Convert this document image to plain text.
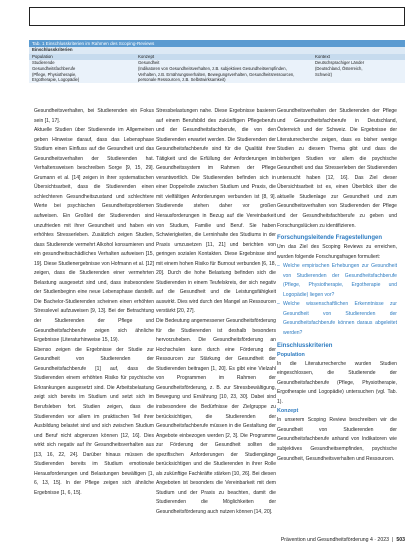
Tab. 1 Einschlusskriterien im Rahmen des Scoping-Reviews
Einschlusskriterien
Population	Konzept	Kontext
Studierende
Gesundheitsfachberufe
(Pflege, Physiotherapie,
Ergotherapie, Logopädie)
Gesundheit
(Indikatoren von Gesundheitsverhalten, z.B. subjektives Gesundheitsempfinden,
Verhalten, z.B. Ernährungsverhalten, Bewegungsverhalten, Gesundheitsressourcen,
personale Ressourcen, z.B. Selbstwirksamkeit)
Deutschsprachiger Länder
(Deutschland, Österreich,
Schweiz)
Gesundheitsverhalten, bei Studierenden ein Fokus sein [1, 17].
Aktuelle Studien über Studierende im Allgemeinen geben Hinweise darauf, dass das Lebensphase Studium einen Einfluss auf die Gesundheit und das Gesundheitsverhalten der Studierenden hat. Verhaltensweisen beschreiben Sorge [9, 15, 29]. Grumann et al. [14] zeigen in ihrer systematischen Übersichtsarbeit, dass die Studierenden einen schlechteren Gesundheitszustand und schlechtere Werte bei psychischen Gesundheitsproblemen aufweisen. Ein Großteil der Studierenden sind unzufrieden mit ihrer Gesundheit und haben ein erhöhtes Stresserleben. Zusätzlich zeigen Studien, dass Studierende vermehrt Alkohol konsumieren und ein gesundheitsschädliches Verhalten aufweisen [15, 19]. Diese Studienergebnisse von Hofmann et al. [12] zeigen, dass die Studierenden einer vermehrten Belastung ausgesetzt sind und, dass insbesondere der Studienbeginn eine neue Lebensphase darstellt. Die Bachelor-Studierenden scheinen einen erhöhten Stresslevel aufzuweisen [9, 13]. Bei der Betrachtung der Studierenden der Pflege und Gesundheitsfachberufe zeigen sich ähnliche Ergebnisse (Literaturhinweise 15, 19).
Ebenso zeigen die Ergebnisse der Studie zur Gesundheit von Studierenden der Gesundheitsfachberufe [1] auf, dass die Studierenden einem erhöhten Risiko für psychische Erkrankungen ausgesetzt sind. Die Arbeitsbelastung zeigt sich bereits im Studium und setzt sich im Berufsleben fort. Studien zeigen, dass die Studierenden vor allem im praktischen Teil ihrer Ausbildung belastet sind und sich zwischen Studium und Beruf nicht abgrenzen können [12, 16]. Dies wirkt sich negativ auf ihr Gesundheitsverhalten aus [13, 16, 22, 24]. Darüber hinaus müssen die Studierenden bereits im Studium emotionale Herausforderungen und Belastungen bewältigen [1, 6, 13, 15]. In der Pflege zeigen sich ähnliche Ergebnisse [1, 6, 15].
Stressbelastungen nahe. Diese Ergebnisse basieren auf einem Berufsbild des zukünftigen Pflegeberufs und der Gesundheitsfachberufe, die von den Studierenden erwartet werden. Die Studierenden der Gesundheitsfachberufe sind für die Qualität ihrer Tätigkeit und die Erfüllung der Anforderungen im Gesundheitssystem im Rahmen der Pflege verantwortlich. Die Studierenden befinden sich in einer Doppelrolle zwischen Studium und Praxis, die mit vielfältigen Anforderungen verbunden ist [8, 9]. Studierende stehen daher vor großen Herausforderungen in Bezug auf die Vereinbarkeit von Studium, Familie und Beruf. Sie haben Schwierigkeiten, die Lerninhalte des Studiums in der Praxis umzusetzen [11, 21] und berichten von geringen sozialen Kontakten. Diese Ergebnisse sind mit einem hohen Risiko für Burnout verbunden [6, 18, 20]. Durch die hohe Belastung befinden sich die Studierenden in einem Teufelskreis, der sich negativ auf die Gesundheit und die Leistungsfähigkeit auswirkt. Dies wird durch den Mangel an Ressourcen verstärkt [20, 27].
Die Bedeutung angemessener Gesundheitsförderung für die Studierenden ist deshalb besonders hervorzuheben. Die Gesundheitsförderung an Hochschulen kann durch eine Förderung der Ressourcen zur Stärkung der Gesundheit der Studierenden beitragen [1, 20]. Es gibt eine Vielzahl von Programmen im Rahmen der Gesundheitsförderung, z. B. zur Stressbewältigung, Bewegung und Ernährung [10, 23, 30]. Dabei sind insbesondere die Bedürfnisse der Zielgruppe zu berücksichtigen, die Studierenden der Gesundheitsfachberufe müssen in die Gestaltung der Angebote einbezogen werden [2, 3]. Die Programme zur Förderung der Gesundheit sollten die spezifischen Anforderungen der Studiengänge berücksichtigen und die Studierenden in ihrer Rolle als zukünftige Fachkräfte stärken [10, 26]. Bei diesen Angeboten ist besonders die Vereinbarkeit mit dem Studium und der Praxis zu beachten, damit die Studierenden die Möglichkeiten der Gesundheitsförderung auch nutzen können [14, 20].
Gesundheitsverhalten der Studierenden der Pflege und Gesundheitsfachberufe in Deutschland, Österreich und der Schweiz. Die Ergebnisse der Literaturrecherche zeigen, dass es bisher wenige Studien zu diesem Thema gibt und dass die bisherigen Studien vor allem die psychische Gesundheit und das Stresserleben der Studierenden untersucht haben [12, 16]. Das Ziel dieser Übersichtsarbeit ist es, einen Überblick über die aktuelle Studienlage zur Gesundheit und zum Gesundheitsverhalten von Studierenden der Pflege und der Gesundheitsfachberufe zu geben und Forschungslücken zu identifizieren.
Forschungsleitende Fragestellungen
Um das Ziel des Scoping Reviews zu erreichen, wurden folgende Forschungsfragen formuliert:
– Welche empirischen Erhebungen zur Gesundheit von Studierenden der Gesundheitsfachberufe (Pflege, Physiotherapie, Ergotherapie und Logopädie) liegen vor?
– Welche wissenschaftlichen Erkenntnisse zur Gesundheit von Studierenden der Gesundheitsfachberufe können daraus abgeleitet werden?
Einschlusskriterien
Population
In die Literaturrecherche wurden Studien eingeschlossen, die Studierende der Gesundheitsfachberufe (Pflege, Physiotherapie, Ergotherapie und Logopädie) untersuchen (vgl. Tab. 1).
Konzept
In unserem Scoping Review beschreiben wir die Gesundheit von Studierenden der Gesundheitsfachberufe anhand von Indikatoren wie subjektives Gesundheitsempfinden, psychische Gesundheit, Gesundheitsverhalten und Ressourcen.
Prävention und Gesundheitsförderung 4 · 2023 | 503
